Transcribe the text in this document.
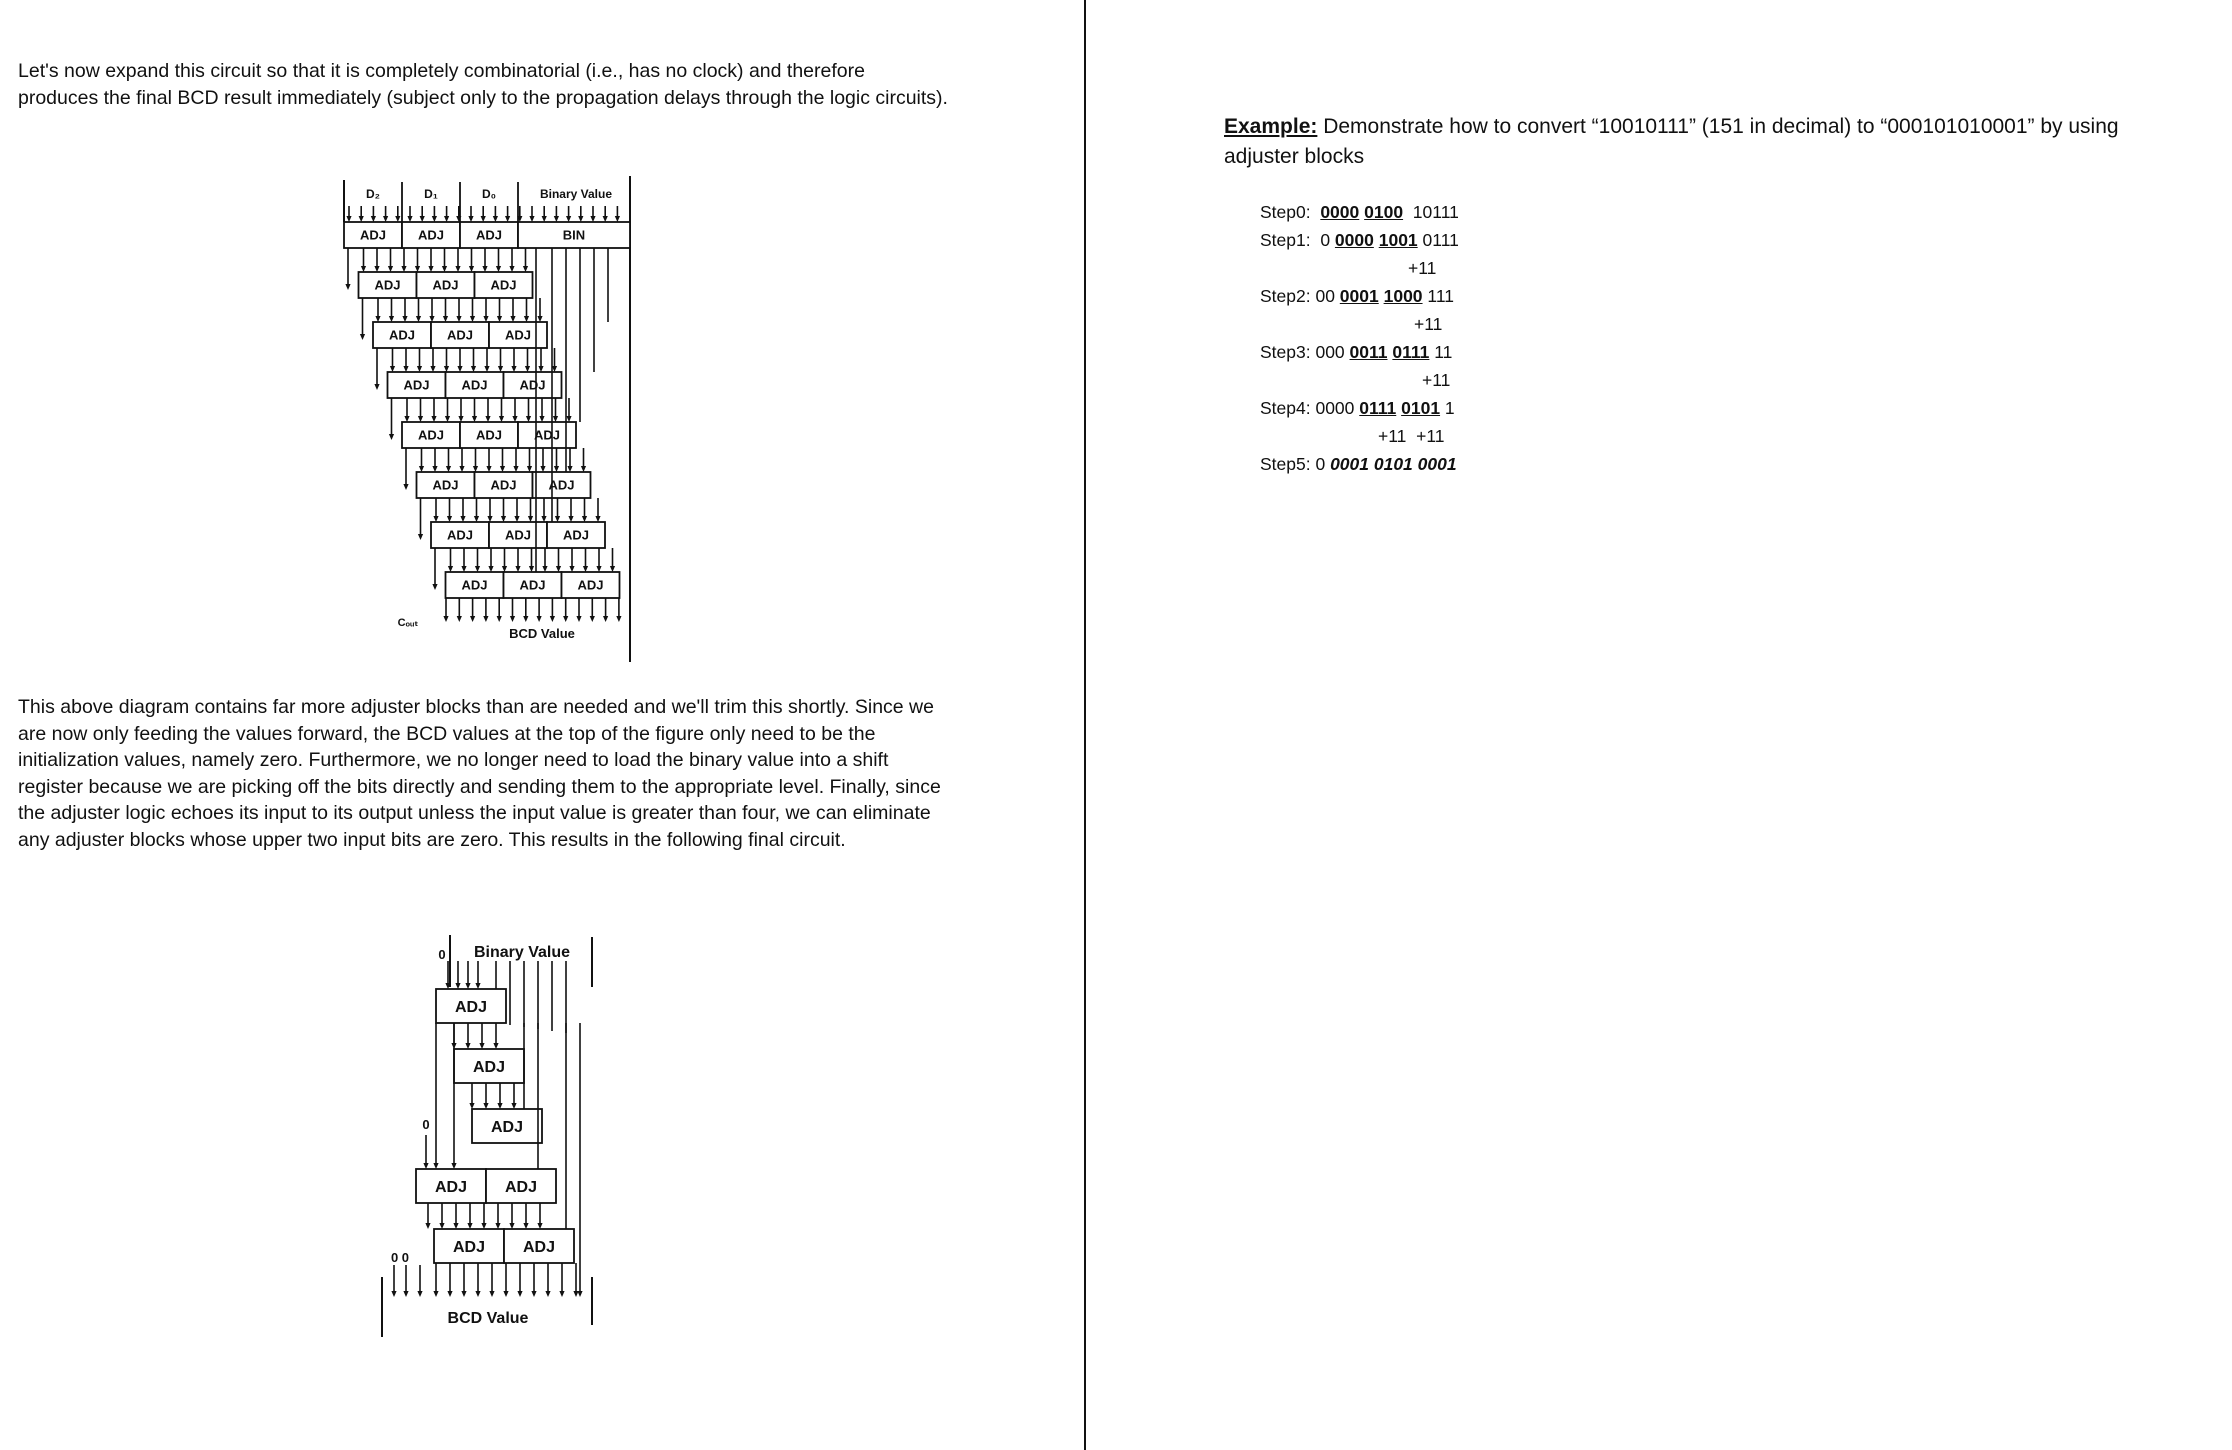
Let's now expand this circuit so that it is completely combinatorial (i.e., has no clock) and therefore produces the final BCD result immediately (subject only to the propagation delays through the logic circuits).

D₂	D₁	D₀	Binary Value
ADJ ADJ ADJ	BIN
ADJ ADJ ADJ
ADJ ADJ ADJ
ADJ ADJ ADJ
ADJ ADJ ADJ
ADJ ADJ ADJ
ADJ ADJ ADJ
ADJ ADJ ADJ
Cₒᵤₜ
BCD Value

This above diagram contains far more adjuster blocks than are needed and we'll trim this shortly. Since we are now only feeding the values forward, the BCD values at the top of the figure only need to be the initialization values, namely zero. Furthermore, we no longer need to load the binary value into a shift register because we are picking off the bits directly and sending them to the appropriate level. Finally, since the adjuster logic echoes its input to its output unless the input value is greater than four, we can eliminate any adjuster blocks whose upper two input bits are zero. This results in the following final circuit.

0 Binary Value
ADJ
ADJ
ADJ
0
ADJ ADJ
ADJ ADJ
0 0
BCD Value

Example: Demonstrate how to convert “10010111” (151 in decimal) to “000101010001” by using adjuster blocks

Step0:  0000 0100  10111
Step1:  0 0000 1001 0111
+11
Step2: 00 0001 1000 111
+11
Step3: 000 0011 0111 11
+11
Step4: 0000 0111 0101 1
+11  +11
Step5: 0 0001 0101 0001
